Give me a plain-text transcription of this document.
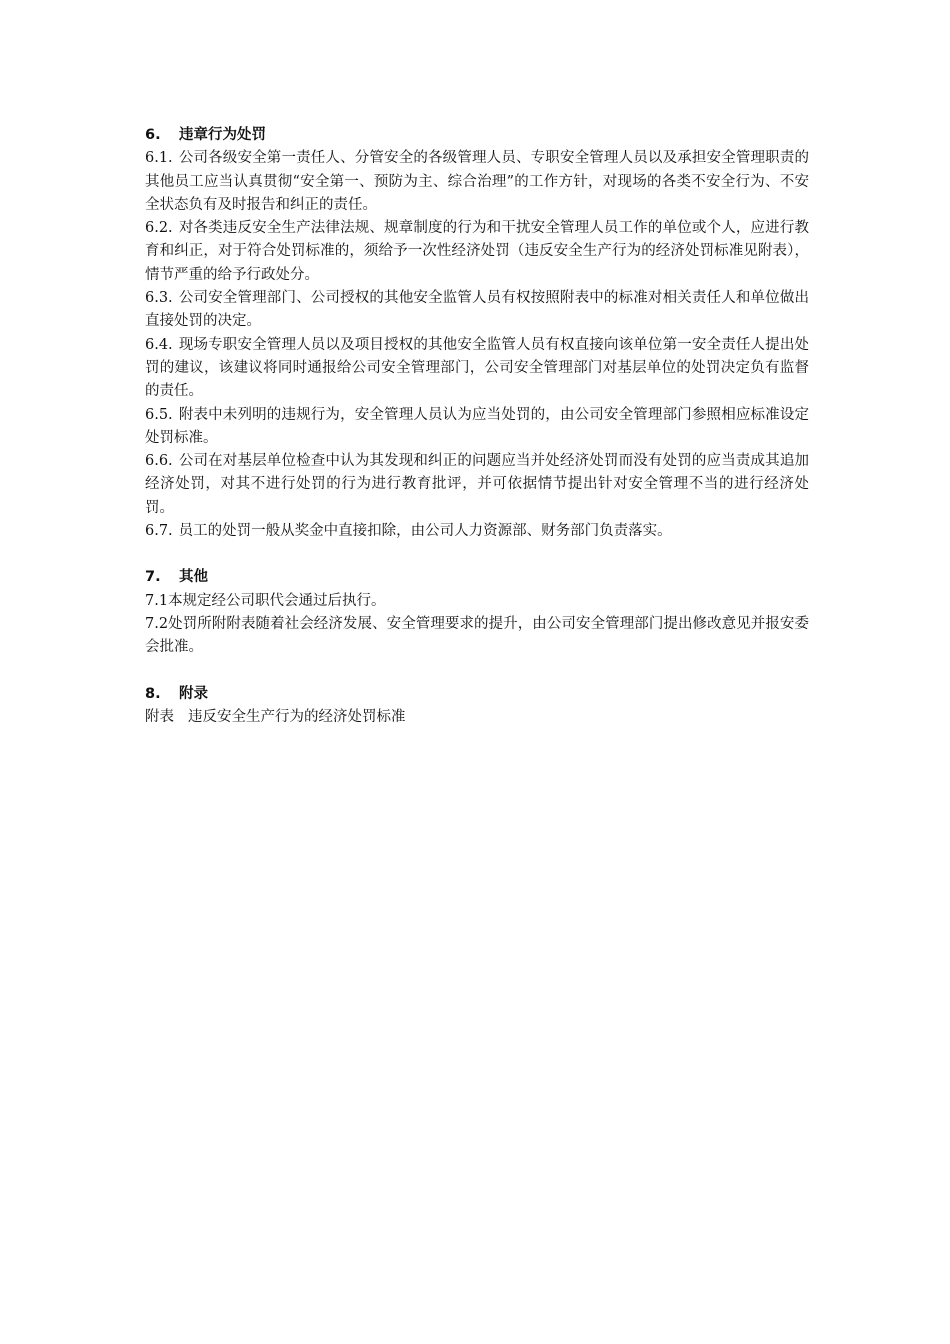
6.	违章行为处罚

6.1. 公司各级安全第一责任人、分管安全的各级管理人员、专职安全管理人员以及承担安全管理职责的其他员工应当认真贯彻“安全第一、预防为主、综合治理”的工作方针，对现场的各类不安全行为、不安全状态负有及时报告和纠正的责任。

6.2. 对各类违反安全生产法律法规、规章制度的行为和干扰安全管理人员工作的单位或个人，应进行教育和纠正，对于符合处罚标准的，须给予一次性经济处罚（违反安全生产行为的经济处罚标准见附表），情节严重的给予行政处分。

6.3. 公司安全管理部门、公司授权的其他安全监管人员有权按照附表中的标准对相关责任人和单位做出直接处罚的决定。

6.4. 现场专职安全管理人员以及项目授权的其他安全监管人员有权直接向该单位第一安全责任人提出处罚的建议，该建议将同时通报给公司安全管理部门，公司安全管理部门对基层单位的处罚决定负有监督的责任。

6.5. 附表中未列明的违规行为，安全管理人员认为应当处罚的，由公司安全管理部门参照相应标准设定处罚标准。

6.6. 公司在对基层单位检查中认为其发现和纠正的问题应当并处经济处罚而没有处罚的应当责成其追加经济处罚，对其不进行处罚的行为进行教育批评，并可依据情节提出针对安全管理不当的进行经济处罚。

6.7. 员工的处罚一般从奖金中直接扣除，由公司人力资源部、财务部门负责落实。

7.	其他

7.1本规定经公司职代会通过后执行。

7.2处罚所附附表随着社会经济发展、安全管理要求的提升，由公司安全管理部门提出修改意见并报安委会批准。

8.	附录

附表 违反安全生产行为的经济处罚标准
